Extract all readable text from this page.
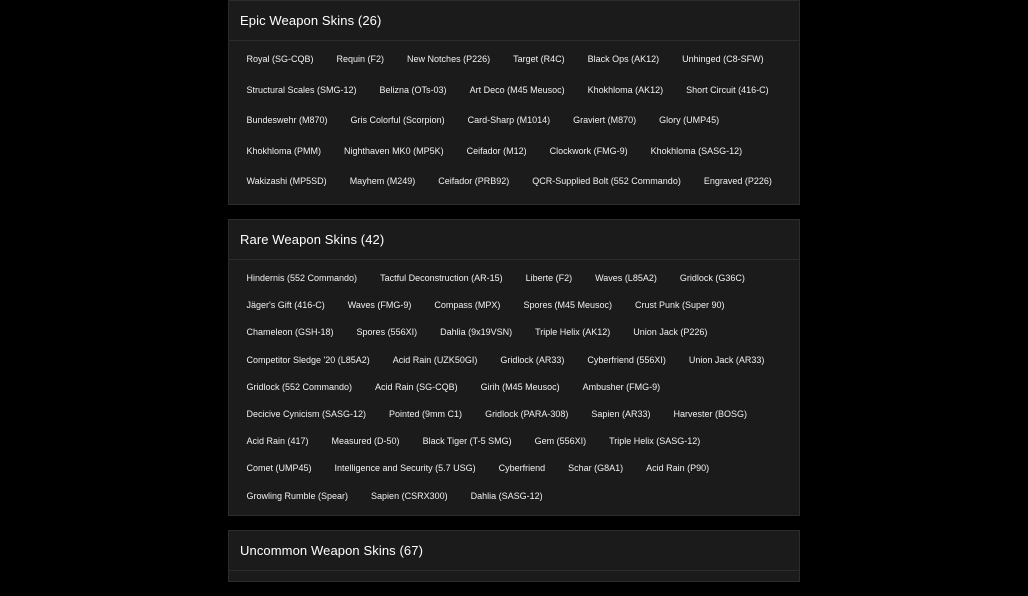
Epic Weapon Skins (26)
Royal (SG-CQB)	Requin (F2)	New Notches (P226)	Target (R4C)	Black Ops (AK12)	Unhinged (C8-SFW)
Structural Scales (SMG-12)	Belizna (OTs-03)	Art Deco (M45 Meusoc)	Khokhloma (AK12)	Short Circuit (416-C)
Bundeswehr (M870)	Gris Colorful (Scorpion)	Card-Sharp (M1014)	Graviert (M870)	Glory (UMP45)
Khokhloma (PMM)	Nighthaven MK0 (MP5K)	Ceifador (M12)	Clockwork (FMG-9)	Khokhloma (SASG-12)
Wakizashi (MP5SD)	Mayhem (M249)	Ceifador (PRB92)	QCR-Supplied Bolt (552 Commando)	Engraved (P226)
Rare Weapon Skins (42)
Hindernis (552 Commando)	Tactful Deconstruction (AR-15)	Liberte (F2)	Waves (L85A2)	Gridlock (G36C)
Jäger's Gift (416-C)	Waves (FMG-9)	Compass (MPX)	Spores (M45 Meusoc)	Crust Punk (Super 90)
Chameleon (GSH-18)	Spores (556XI)	Dahlia (9x19VSN)	Triple Helix (AK12)	Union Jack (P226)
Competitor Sledge '20 (L85A2)	Acid Rain (UZK50GI)	Gridlock (AR33)	Cyberfriend (556XI)	Union Jack (AR33)
Gridlock (552 Commando)	Acid Rain (SG-CQB)	Girih (M45 Meusoc)	Ambusher (FMG-9)
Decicive Cynicism (SASG-12)	Pointed (9mm C1)	Gridlock (PARA-308)	Sapien (AR33)	Harvester (BOSG)
Acid Rain (417)	Measured (D-50)	Black Tiger (T-5 SMG)	Gem (556XI)	Triple Helix (SASG-12)
Comet (UMP45)	Intelligence and Security (5.7 USG)	Cyberfriend	Schar (G8A1)	Acid Rain (P90)
Growling Rumble (Spear)	Sapien (CSRX300)	Dahlia (SASG-12)
Uncommon Weapon Skins (67)
